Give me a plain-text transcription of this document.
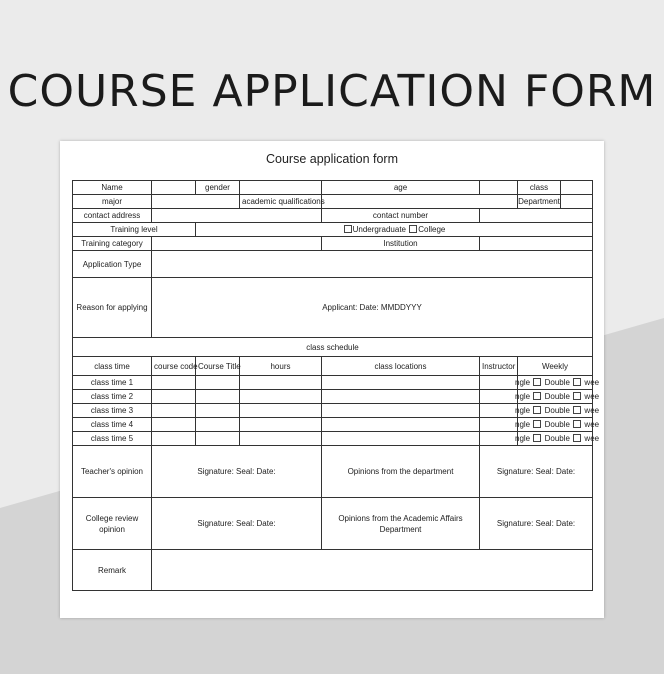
COURSE APPLICATION FORM
Course application form
Name		gender		age		class

major			academic qualifications			Department

contact address				contact number		
Training level		Undergraduate College				
Training category				Institution		
Application Type						
Reason for applying	Applicant: Date: MMDDYYY					
class schedule						
class time	course code	Course Title	hours	class locations	Instructor	Weekly
class time 1						ngle Double wee
class time 2						ngle Double wee
class time 3						ngle Double wee
class time 4						ngle Double wee
class time 5						ngle Double wee
Teacher's opinion	Signature: Seal: Date:			Opinions from the department	Signature: Seal: Date:	
College review opinion	Signature: Seal: Date:			Opinions from the Academic Affairs Department	Signature: Seal: Date:	
Remark						
